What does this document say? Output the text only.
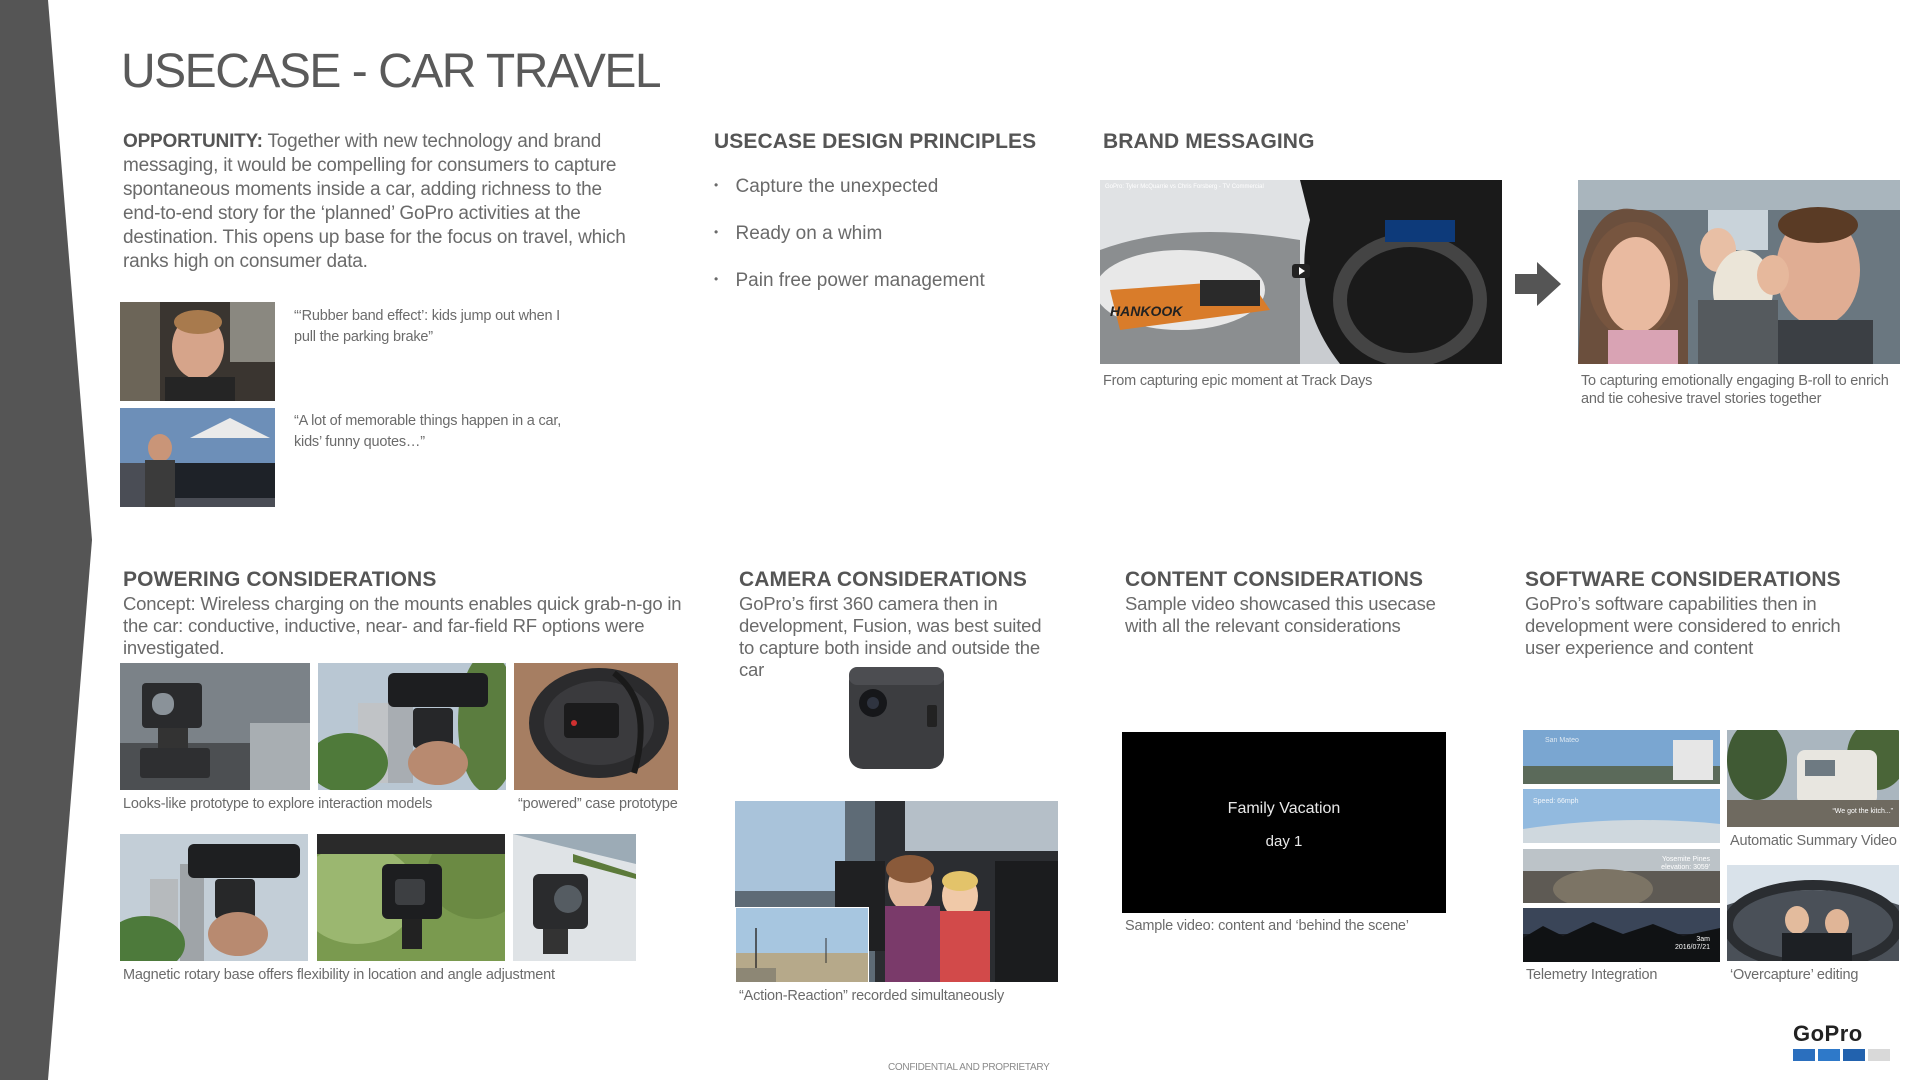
USECASE - CAR TRAVEL
OPPORTUNITY: Together with new technology and brand messaging, it would be compelling for consumers to capture spontaneous moments inside a car, adding richness to the end-to-end story for the ‘planned’ GoPro activities at the destination. This opens up base for the focus on travel, which ranks high on consumer data.
“‘Rubber band effect’: kids jump out when I pull the parking brake”
“A lot of memorable things happen in a car, kids’ funny quotes…”
USECASE DESIGN PRINCIPLES
• Capture the unexpected
• Ready on a whim
• Pain free power management
BRAND MESSAGING
HANKOOK
GoPro: Tyler McQuarrie vs Chris Forsberg - TV Commercial
From capturing epic moment at Track Days	To capturing emotionally engaging B-roll to enrich and tie cohesive travel stories together
POWERING CONSIDERATIONS
Concept: Wireless charging on the mounts enables quick grab-n-go in the car: conductive, inductive, near- and far-field RF options were investigated.
Looks-like prototype to explore interaction models	“powered” case prototype
Magnetic rotary base offers flexibility in location and angle adjustment
CAMERA CONSIDERATIONS
GoPro’s first 360 camera then in development, Fusion, was best suited to capture both inside and outside the car
“Action-Reaction” recorded simultaneously
CONTENT CONSIDERATIONS
Sample video showcased this usecase with all the relevant considerations
Family Vacation
day 1
Sample video: content and ‘behind the scene’
SOFTWARE CONSIDERATIONS
GoPro’s software capabilities then in development were considered to enrich user experience and content
San Mateo
Speed: 66mph
Yosemite Pines
elevation: 3059'
3am
2016/07/21
“We got the kitch...”
Automatic Summary Video
Telemetry Integration	‘Overcapture’ editing
CONFIDENTIAL AND PROPRIETARY
GoPro
